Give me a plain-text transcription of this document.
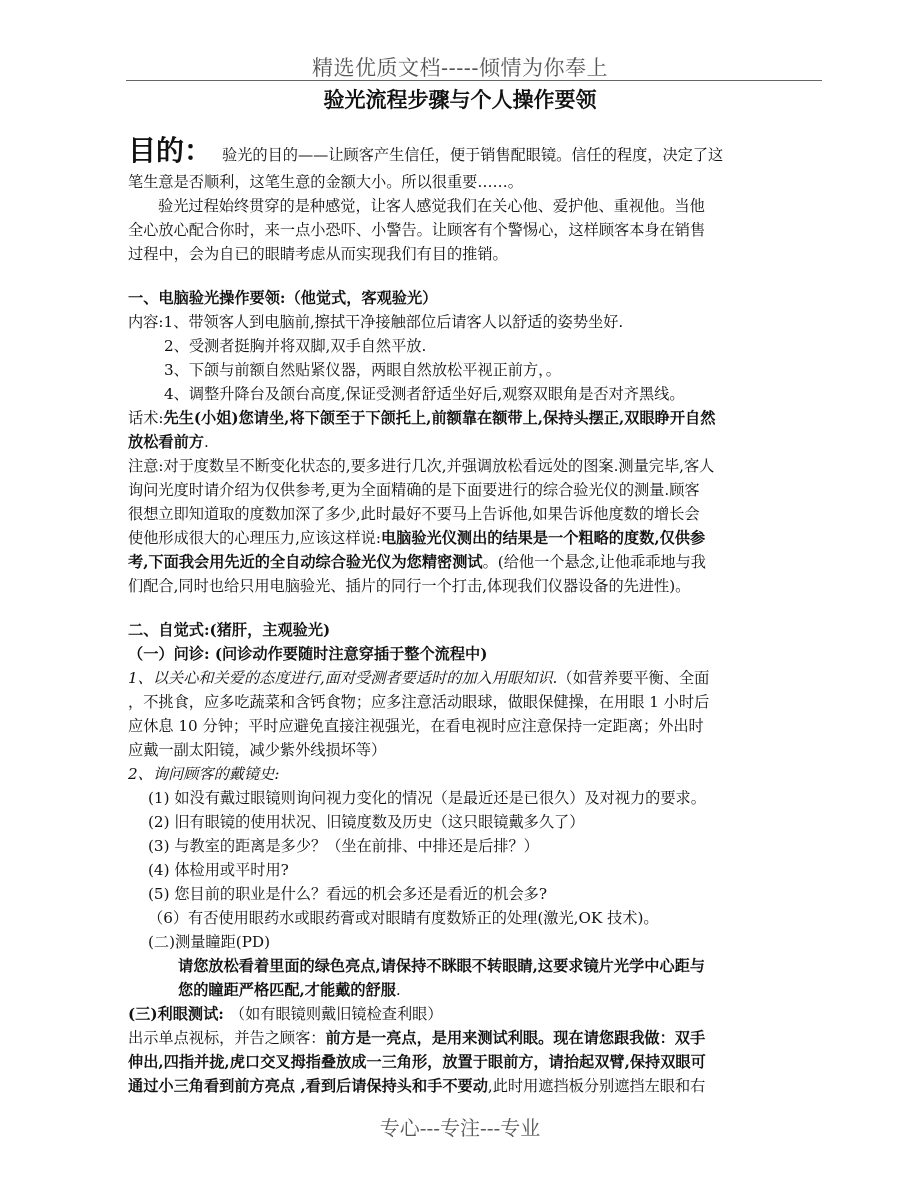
精选优质文档-----倾情为你奉上
验光流程步骤与个人操作要领
目的： 验光的目的——让顾客产生信任，便于销售配眼镜。信任的程度，决定了这
笔生意是否顺利，这笔生意的金额大小。所以很重要……。
验光过程始终贯穿的是种感觉，让客人感觉我们在关心他、爱护他、重视他。当他
全心放心配合你时，来一点小恐吓、小警告。让顾客有个警惕心，这样顾客本身在销售
过程中，会为自已的眼睛考虑从而实现我们有目的推销。
一、电脑验光操作要领:（他觉式，客观验光）
内容:1、带领客人到电脑前,擦拭干净接触部位后请客人以舒适的姿势坐好.
2、受测者挺胸并将双脚,双手自然平放.
3、下颌与前额自然贴紧仪器，两眼自然放松平视正前方，。
4、调整升降台及颌台高度,保证受测者舒适坐好后,观察双眼角是否对齐黑线。
话术:先生(小姐)您请坐,将下颌至于下颌托上,前额靠在额带上,保持头摆正,双眼睁开自然
放松看前方.
注意:对于度数呈不断变化状态的,要多进行几次,并强调放松看远处的图案.测量完毕,客人
询问光度时请介绍为仅供参考,更为全面精确的是下面要进行的综合验光仪的测量.顾客
很想立即知道取的度数加深了多少,此时最好不要马上告诉他,如果告诉他度数的增长会
使他形成很大的心理压力,应该这样说:电脑验光仪测出的结果是一个粗略的度数,仅供参
考,下面我会用先近的全自动综合验光仪为您精密测试。(给他一个悬念,让他乖乖地与我
们配合,同时也给只用电脑验光、插片的同行一个打击,体现我们仪器设备的先进性)。
二、自觉式:(猪肝，主观验光)
（一）问诊: (问诊动作要随时注意穿插于整个流程中)
1、以关心和关爱的态度进行,面对受测者要适时的加入用眼知识.（如营养要平衡、全面
，不挑食，应多吃蔬菜和含钙食物；应多注意活动眼球，做眼保健操，在用眼 1 小时后
应休息 10 分钟；平时应避免直接注视强光，在看电视时应注意保持一定距离；外出时
应戴一副太阳镜，减少紫外线损坏等）
2、询问顾客的戴镜史:
(1) 如没有戴过眼镜则询问视力变化的情况（是最近还是已很久）及对视力的要求。
(2) 旧有眼镜的使用状况、旧镜度数及历史（这只眼镜戴多久了）
(3) 与教室的距离是多少？（坐在前排、中排还是后排？）
(4) 体检用或平时用?
(5) 您目前的职业是什么？看远的机会多还是看近的机会多?
（6）有否使用眼药水或眼药膏或对眼睛有度数矫正的处理(激光,OK 技术)。
(二)测量瞳距(PD)
请您放松看着里面的绿色亮点,请保持不眯眼不转眼睛,这要求镜片光学中心距与
您的瞳距严格匹配,才能戴的舒服.
(三)利眼测试: （如有眼镜则戴旧镜检查利眼）
出示单点视标，并告之顾客：前方是一亮点，是用来测试利眼。现在请您跟我做：双手
伸出,四指并拢,虎口交叉拇指叠放成一三角形，放置于眼前方，请抬起双臂,保持双眼可
通过小三角看到前方亮点 ,看到后请保持头和手不要动,此时用遮挡板分别遮挡左眼和右
专心---专注---专业
